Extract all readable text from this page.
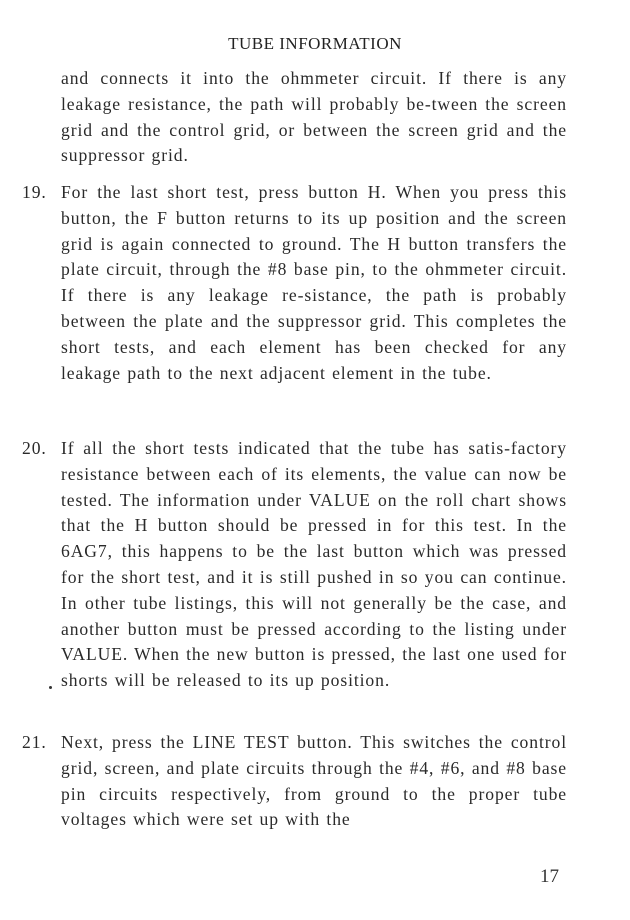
TUBE INFORMATION

and connects it into the ohmmeter circuit. If there is any leakage resistance, the path will probably be-tween the screen grid and the control grid, or between the screen grid and the suppressor grid.

19. For the last short test, press button H. When you press this button, the F button returns to its up position and the screen grid is again connected to ground. The H button transfers the plate circuit, through the #8 base pin, to the ohmmeter circuit. If there is any leakage re-sistance, the path is probably between the plate and the suppressor grid. This completes the short tests, and each element has been checked for any leakage path to the next adjacent element in the tube.
20. If all the short tests indicated that the tube has satis-factory resistance between each of its elements, the value can now be tested. The information under VALUE on the roll chart shows that the H button should be pressed in for this test. In the 6AG7, this happens to be the last button which was pressed for the short test, and it is still pushed in so you can continue. In other tube listings, this will not generally be the case, and another button must be pressed according to the listing under VALUE. When the new button is pressed, the last one used for shorts will be released to its up position.
21. Next, press the LINE TEST button. This switches the control grid, screen, and plate circuits through the #4, #6, and #8 base pin circuits respectively, from ground to the proper tube voltages which were set up with the
17
